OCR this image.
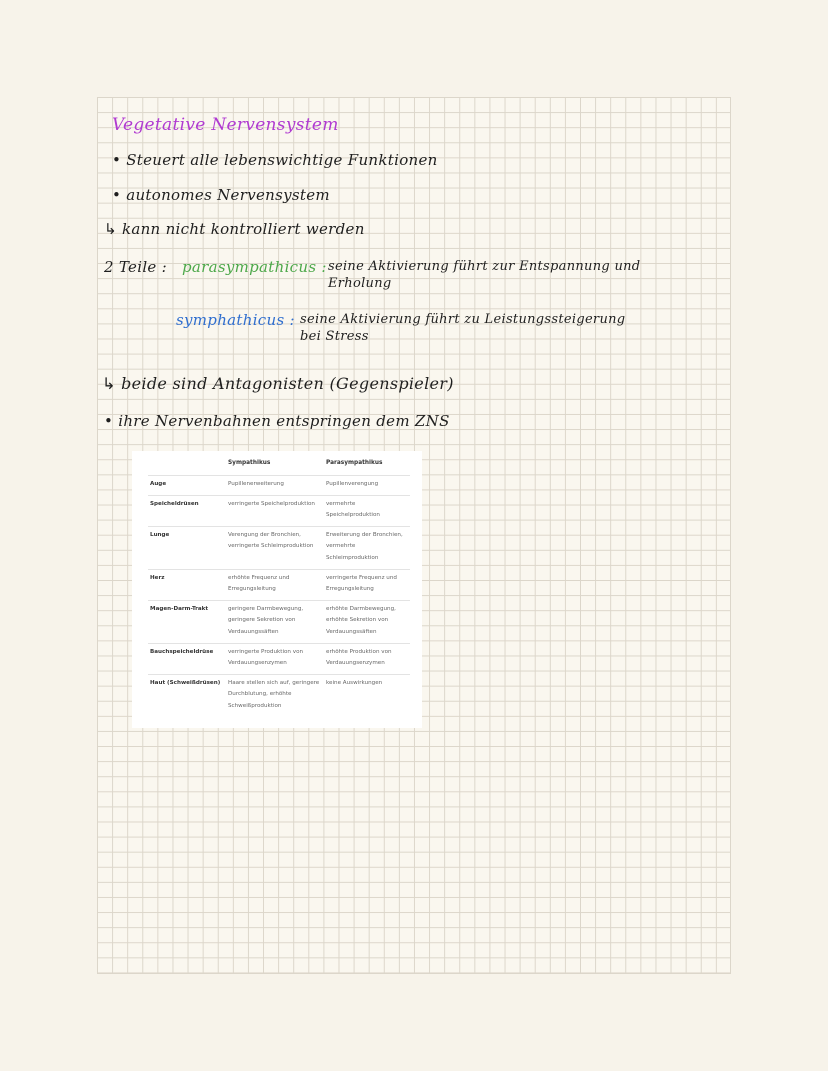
Vegetative Nervensystem
• Steuert alle lebenswichtige Funktionen
• autonomes Nervensystem
↳ kann nicht kontrolliert werden
2 Teile : parasympathicus : seine Aktivierung führt zur Entspannung und
Erholung
symphathicus : seine Aktivierung führt zu Leistungssteigerung
bei Stress
↳ beide sind Antagonisten (Gegenspieler)
• ihre Nervenbahnen entspringen dem ZNS
	Sympathikus	Parasympathikus
Auge	Pupillenerweiterung	Pupillenverengung
Speicheldrüsen	verringerte Speichelproduktion	vermehrte Speichelproduktion
Lunge	Verengung der Bronchien, verringerte Schleimproduktion	Erweiterung der Bronchien, vermehrte Schleimproduktion
Herz	erhöhte Frequenz und Erregungsleitung	verringerte Frequenz und Erregungsleitung
Magen-Darm-Trakt	geringere Darmbewegung, geringere Sekretion von Verdauungssäften	erhöhte Darmbewegung, erhöhte Sekretion von Verdauungssäften
Bauchspeicheldrüse	verringerte Produktion von Verdauungsenzymen	erhöhte Produktion von Verdauungsenzymen
Haut (Schweißdrüsen)	Haare stellen sich auf, geringere Durchblutung, erhöhte Schweißproduktion	keine Auswirkungen
